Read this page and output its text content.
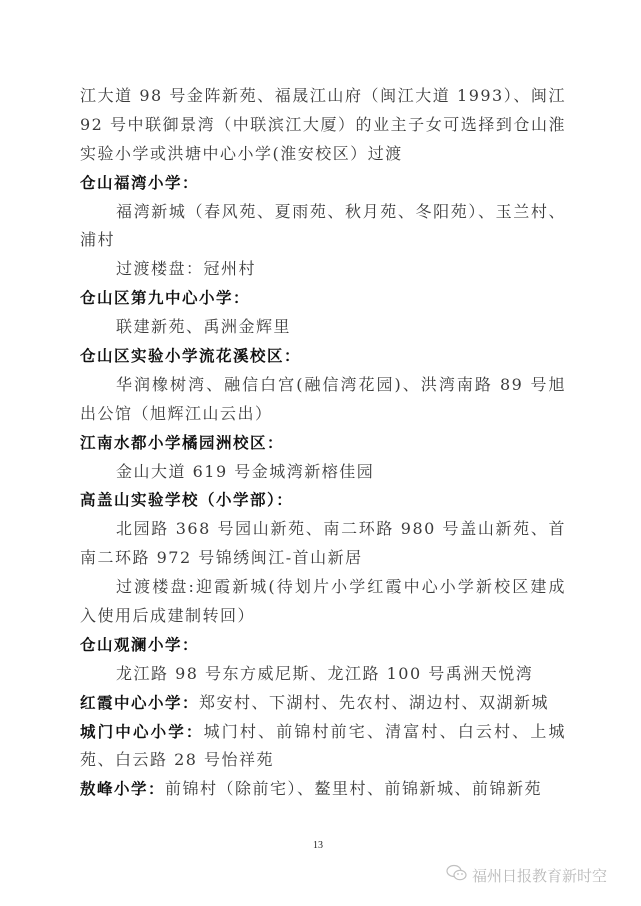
江大道 98 号金阵新苑、福晟江山府（闽江大道 1993）、闽江
92 号中联御景湾（中联滨江大厦）的业主子女可选择到仓山淮
实验小学或洪塘中心小学(淮安校区）过渡
仓山福湾小学：
福湾新城（春风苑、夏雨苑、秋月苑、冬阳苑）、玉兰村、
浦村
过渡楼盘：冠州村
仓山区第九中心小学：
联建新苑、禹洲金辉里
仓山区实验小学流花溪校区：
华润橡树湾、融信白宫(融信湾花园)、洪湾南路 89 号旭
出公馆（旭辉江山云出）
江南水都小学橘园洲校区：
金山大道 619 号金城湾新榕佳园
高盖山实验学校（小学部）：
北园路 368 号园山新苑、南二环路 980 号盖山新苑、首
南二环路 972 号锦绣闽江-首山新居
过渡楼盘:迎霞新城(待划片小学红霞中心小学新校区建成
入使用后成建制转回）
仓山观澜小学：
龙江路 98 号东方威尼斯、龙江路 100 号禹洲天悦湾
红霞中心小学：郑安村、下湖村、先农村、湖边村、双湖新城
城门中心小学：城门村、前锦村前宅、清富村、白云村、上城
苑、白云路 28 号怡祥苑
敖峰小学：前锦村（除前宅）、鳌里村、前锦新城、前锦新苑
13
福州日报教育新时空
